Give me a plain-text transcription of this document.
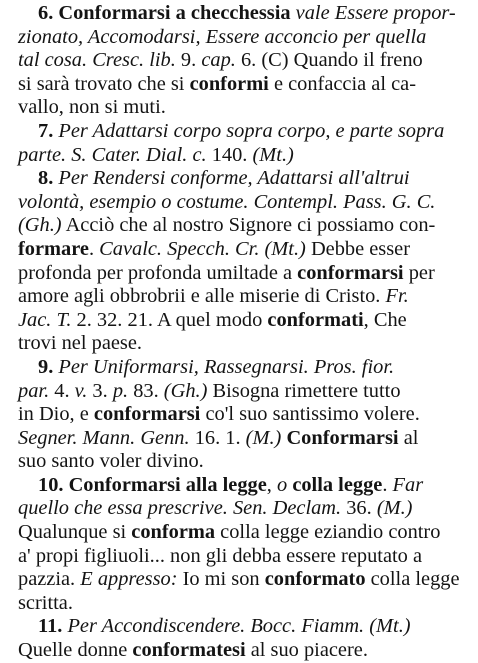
6. Conformarsi a checchessia vale Essere propor-
zionato, Accomodarsi, Essere acconcio per quella
tal cosa. Cresc. lib. 9. cap. 6. (C) Quando il freno
si sarà trovato che si conformi e confaccia al ca-
vallo, non si muti.
7. Per Adattarsi corpo sopra corpo, e parte sopra
parte. S. Cater. Dial. c. 140. (Mt.)
8. Per Rendersi conforme, Adattarsi all'altrui
volontà, esempio o costume. Contempl. Pass. G. C.
(Gh.) Acciò che al nostro Signore ci possiamo con-
formare. Cavalc. Specch. Cr. (Mt.) Debbe esser
profonda per profonda umiltade a conformarsi per
amore agli obbrobrii e alle miserie di Cristo. Fr.
Jac. T. 2. 32. 21. A quel modo conformati, Che
trovi nel paese.
9. Per Uniformarsi, Rassegnarsi. Pros. fior.
par. 4. v. 3. p. 83. (Gh.) Bisogna rimettere tutto
in Dio, e conformarsi co'l suo santissimo volere.
Segner. Mann. Genn. 16. 1. (M.) Conformarsi al
suo santo voler divino.
10. Conformarsi alla legge, o colla legge. Far
quello che essa prescrive. Sen. Declam. 36. (M.)
Qualunque si conforma colla legge eziandio contro
a' propi figliuoli... non gli debba essere reputato a
pazzia. E appresso: Io mi son conformato colla legge
scritta.
11. Per Accondiscendere. Bocc. Fiamm. (Mt.)
Quelle donne conformatesi al suo piacere.
